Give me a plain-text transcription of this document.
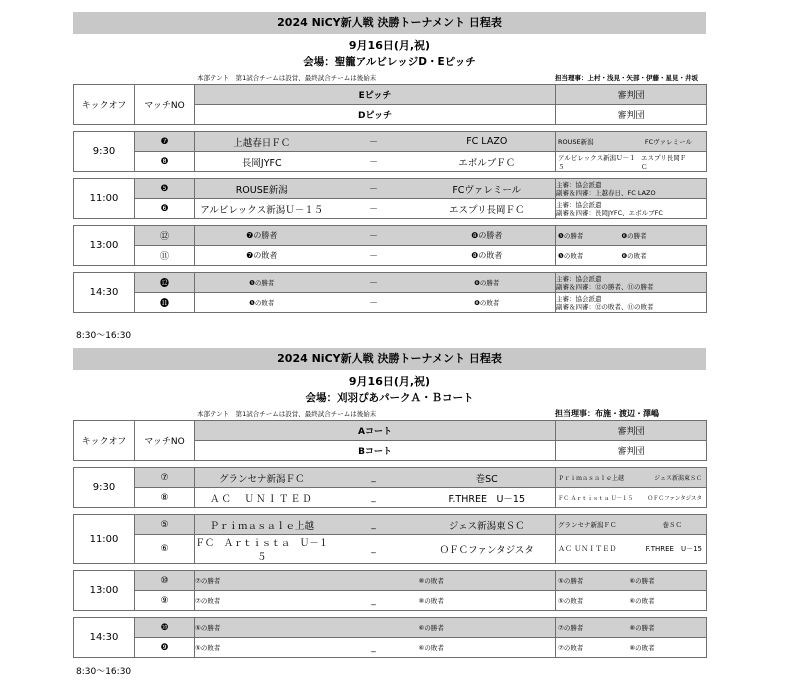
2024 NiCY新人戦 決勝トーナメント 日程表
9月16日(月,祝)
会場：聖籠アルビレッジD・Eピッチ
本部テント　第1試合チームは設営、最終試合チームは後始末	担当理事：上村・浅見・矢部・伊藤・星見・井坂
キックオフ	マッチNO	Eピッチ			審判団
		Dピッチ			審判団

9:30	❼	上越春日ＦＣ	－	FC LAZO	ROUSE新潟 FCヴァレミール

	❽	長岡JYFC	－	エボルブＦＣ	アルビレックス新潟Ｕ－１５
エスプリ長岡ＦＣ

11:00	❺	ROUSE新潟	－	FCヴァレミール	主審：協会派遣
副審＆四審：上越春日、FC LAZO

	❻	アルビレックス新潟Ｕ－１５	－	エスプリ長岡ＦＣ	主審：協会派遣
副審＆四審：長岡JYFC、エボルブFC

13:00	⑫	❼の勝者	－	❽の勝者	❺の勝者 ❻の勝者

	⑪	❼の敗者	－	❽の敗者	❺の敗者 ❻の敗者

14:30	⓬	❺の勝者	－	❻の勝者	主審：協会派遣
副審＆四審：⑫の勝者、⑪の勝者

	⓫	❺の敗者	－	❻の敗者	主審：協会派遣
副審＆四審：⑫の敗者、⑪の敗者
8:30～16:30
2024 NiCY新人戦 決勝トーナメント 日程表
9月16日(月,祝)
会場：刈羽ぴあパークＡ・Ｂコート
本部テント　第1試合チームは設営、最終試合チームは後始末	担当理事：布施・渡辺・澤嶋
キックオフ	マッチNO	Aコート			審判団
		Bコート			審判団

9:30	⑦	グランセナ新潟ＦＣ	_	巻SC	Ｐｒｉｍａｓａｌｅ上越 ジェス新潟東ＳＣ

	⑧	ＡＣ　ＵＮＩＴＥＤ	_	F.THREE　U－15	ＦＣ Ａｒｔｉｓｔａ Ｕ－１５ ＯＦＣファンタジスタ

11:00	⑤	Ｐｒｉｍａｓａｌｅ上越	_	ジェス新潟東ＳＣ	グランセナ新潟ＦＣ 巻ＳＣ

	⑥	ＦＣ　Ａｒｔｉｓｔａ　Ｕ－１５	_	ＯＦＣファンタジスタ	ＡＣ ＵＮＩＴＥＤ F.THREE　U－15

13:00	⑩	⑦の勝者		⑧の敗者	⑤の勝者 ⑥の勝者

	⑨	⑦の敗者	_	⑧の敗者	⑤の敗者 ⑥の敗者

14:30	❿	⑤の勝者		⑥の勝者	⑦の勝者 ⑧の勝者

	❾	⑤の敗者	_	⑥の敗者	⑦の敗者 ⑧の敗者
8:30～16:30
